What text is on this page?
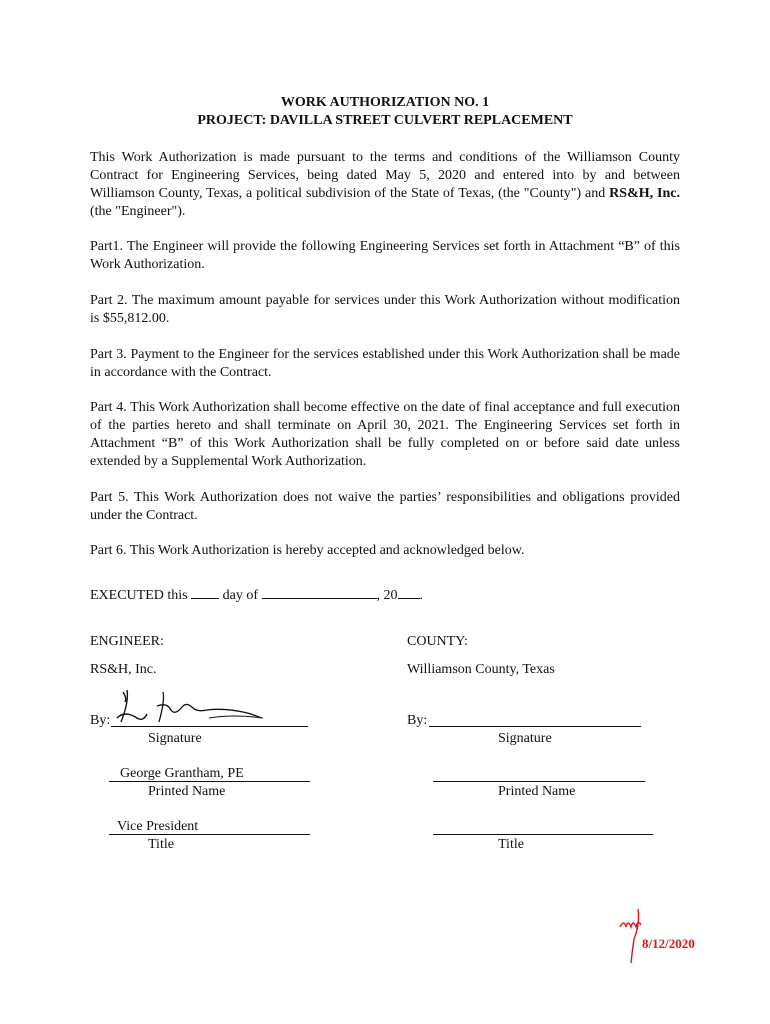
WORK AUTHORIZATION NO. 1
PROJECT: DAVILLA STREET CULVERT REPLACEMENT

This Work Authorization is made pursuant to the terms and conditions of the Williamson County Contract for Engineering Services, being dated May 5, 2020 and entered into by and between Williamson County, Texas, a political subdivision of the State of Texas, (the "County") and RS&H, Inc. (the "Engineer").

Part1. The Engineer will provide the following Engineering Services set forth in Attachment “B” of this Work Authorization.

Part 2. The maximum amount payable for services under this Work Authorization without modification is $55,812.00.

Part 3. Payment to the Engineer for the services established under this Work Authorization shall be made in accordance with the Contract.

Part 4. This Work Authorization shall become effective on the date of final acceptance and full execution of the parties hereto and shall terminate on April 30, 2021. The Engineering Services set forth in Attachment “B” of this Work Authorization shall be fully completed on or before said date unless extended by a Supplemental Work Authorization.

Part 5. This Work Authorization does not waive the parties’ responsibilities and obligations provided under the Contract.

Part 6. This Work Authorization is hereby accepted and acknowledged below.

EXECUTED this	day of	, 20 .
ENGINEER:
RS&H, Inc.
By:
Signature
George Grantham, PE
Printed Name
Vice President
Title
COUNTY:
Williamson County, Texas
By:
Signature
Printed Name
Title
8/12/2020
